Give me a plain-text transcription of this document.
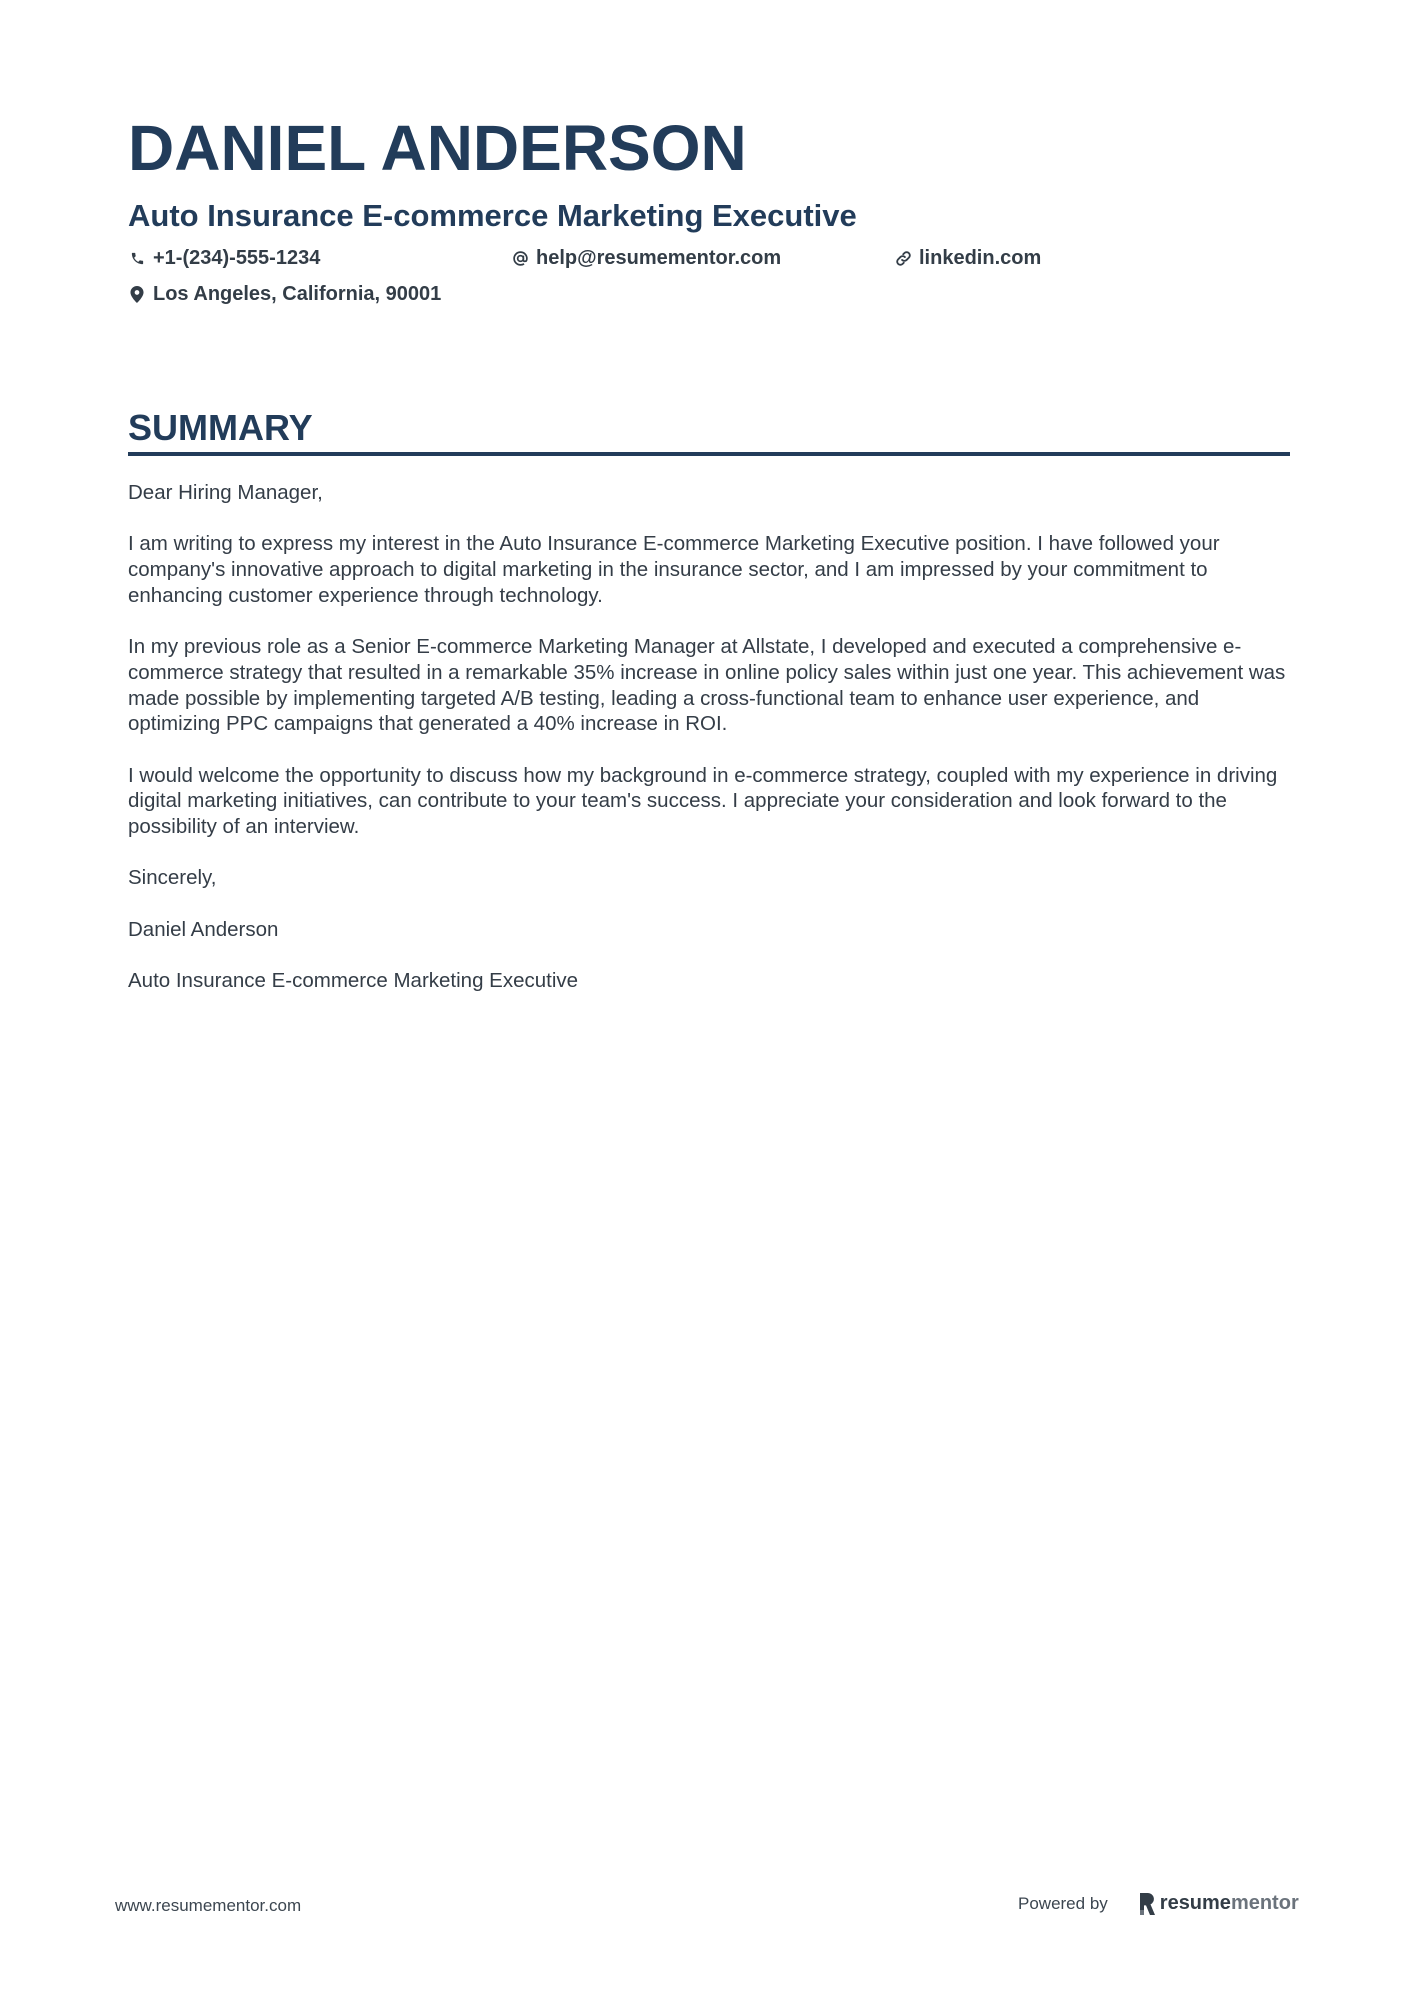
DANIEL ANDERSON
Auto Insurance E-commerce Marketing Executive
+1-(234)-555-1234	help@resumementor.com	linkedin.com
Los Angeles, California, 90001
SUMMARY

Dear Hiring Manager,

I am writing to express my interest in the Auto Insurance E-commerce Marketing Executive position. I have followed your company's innovative approach to digital marketing in the insurance sector, and I am impressed by your commitment to enhancing customer experience through technology.

In my previous role as a Senior E-commerce Marketing Manager at Allstate, I developed and executed a comprehensive e-commerce strategy that resulted in a remarkable 35% increase in online policy sales within just one year. This achievement was made possible by implementing targeted A/B testing, leading a cross-functional team to enhance user experience, and optimizing PPC campaigns that generated a 40% increase in ROI.

I would welcome the opportunity to discuss how my background in e-commerce strategy, coupled with my experience in driving digital marketing initiatives, can contribute to your team's success. I appreciate your consideration and look forward to the possibility of an interview.

Sincerely,

Daniel Anderson

Auto Insurance E-commerce Marketing Executive

www.resumementor.com	Powered by	resume mentor
